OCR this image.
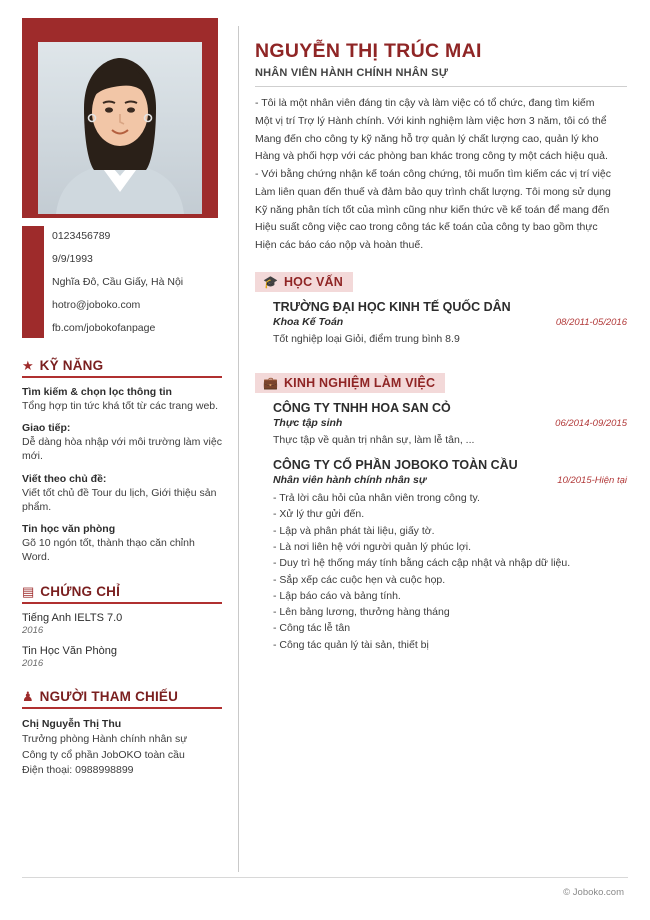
0123456789
9/9/1993
Nghĩa Đô, Cầu Giấy, Hà Nội
hotro@joboko.com
fb.com/jobokofanpage
★ KỸ NĂNG
Tìm kiếm & chọn lọc thông tin
Tổng hợp tin tức khá tốt từ các trang web.
Giao tiếp:
Dễ dàng hòa nhập với môi trường làm việc mới.
Viết theo chủ đề:
Viết tốt chủ đề Tour du lịch, Giới thiệu sản phẩm.
Tin học văn phòng
Gõ 10 ngón tốt, thành thạo căn chỉnh Word.
▤ CHỨNG CHỈ
Tiếng Anh IELTS 7.0
2016
Tin Học Văn Phòng
2016
♟ NGƯỜI THAM CHIẾU
Chị Nguyễn Thị Thu
Trưởng phòng Hành chính nhân sự
Công ty cổ phần JobOKO toàn cầu
Điện thoại: 0988998899
NGUYỄN THỊ TRÚC MAI
NHÂN VIÊN HÀNH CHÍNH NHÂN SỰ

- Tôi là một nhân viên đáng tin cậy và làm việc có tổ chức, đang tìm kiếm

Một vị trí Trợ lý Hành chính. Với kinh nghiệm làm việc hơn 3 năm, tôi có thể

Mang đến cho công ty kỹ năng hỗ trợ quản lý chất lượng cao, quản lý kho

Hàng và phối hợp với các phòng ban khác trong công ty một cách hiệu quả.

- Với bằng chứng nhận kế toán công chứng, tôi muốn tìm kiếm các vị trí việc

Làm liên quan đến thuế và đảm bảo quy trình chất lượng. Tôi mong sử dụng

Kỹ năng phân tích tốt của mình cũng như kiến thức về kế toán để mang đến

Hiệu suất công việc cao trong công tác kế toán của công ty bao gồm thực

Hiện các báo cáo nộp và hoàn thuế.

🎓 HỌC VẤN
TRƯỜNG ĐẠI HỌC KINH TẾ QUỐC DÂN
Khoa Kế Toán	08/2011-05/2016
Tốt nghiệp loại Giỏi, điểm trung bình 8.9
💼 KINH NGHIỆM LÀM VIỆC
CÔNG TY TNHH HOA SAN CỎ
Thực tập sinh	06/2014-09/2015
Thực tập về quản trị nhân sự, làm lễ tân, ...
CÔNG TY CỔ PHẦN JOBOKO TOÀN CẦU
Nhân viên hành chính nhân sự	10/2015-Hiện tại
- Trả lời câu hỏi của nhân viên trong công ty.
- Xử lý thư gửi đến.
- Lập và phân phát tài liệu, giấy tờ.
- Là nơi liên hệ với người quản lý phúc lợi.
- Duy trì hệ thống máy tính bằng cách cập nhật và nhập dữ liệu.
- Sắp xếp các cuộc hẹn và cuộc họp.
- Lập báo cáo và bảng tính.
- Lên bảng lương, thưởng hàng tháng
- Công tác lễ tân
- Công tác quản lý tài sản, thiết bị
© Joboko.com
